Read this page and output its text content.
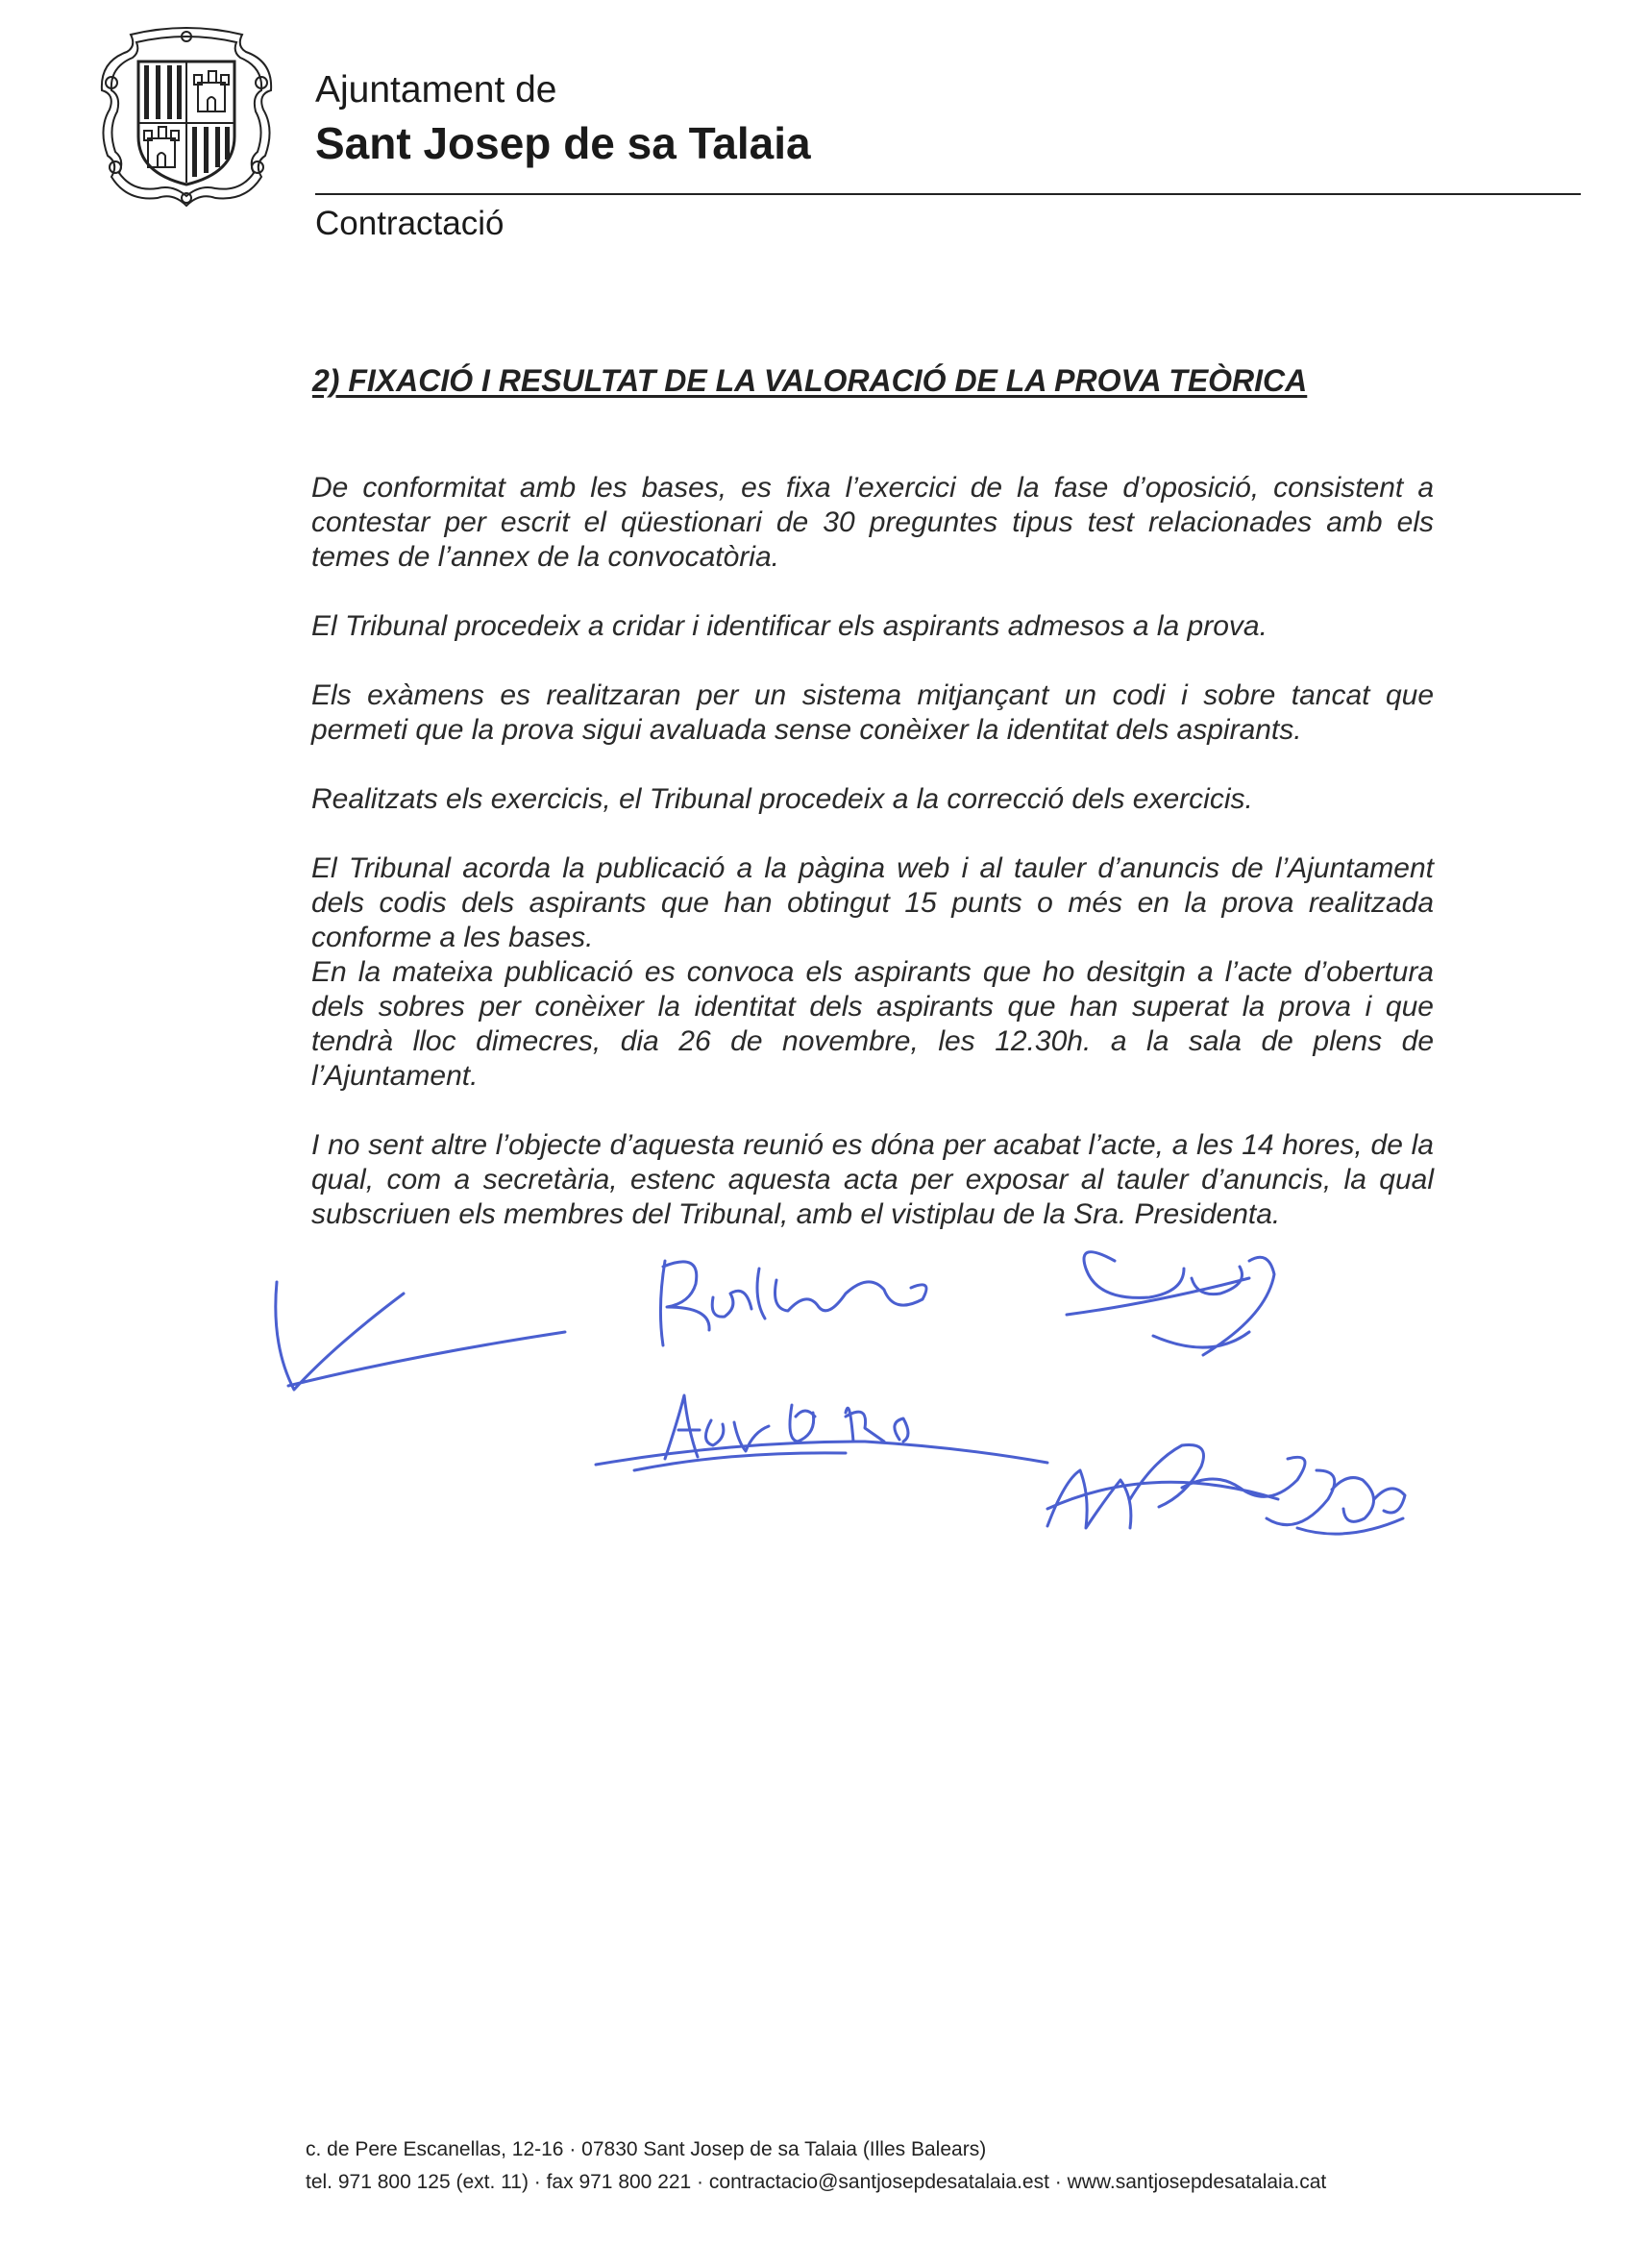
Ajuntament de
Sant Josep de sa Talaia
Contractació
2) FIXACIÓ I RESULTAT DE LA VALORACIÓ DE LA PROVA TEÒRICA

De conformitat amb les bases, es fixa l’exercici de la fase d’oposició, consistent a contestar per escrit el qüestionari de 30 preguntes tipus test relacionades amb els temes de l’annex de la convocatòria.

El Tribunal procedeix a cridar i identificar els aspirants admesos a la prova.

Els exàmens es realitzaran per un sistema mitjançant un codi i sobre tancat que permeti que la prova sigui avaluada sense conèixer la identitat dels aspirants.

Realitzats els exercicis, el Tribunal procedeix a la correcció dels exercicis.

El Tribunal acorda la publicació a la pàgina web i al tauler d’anuncis de l’Ajuntament dels codis dels aspirants que han obtingut 15 punts o més en la prova realitzada conforme a les bases.

En la mateixa publicació es convoca els aspirants que ho desitgin a l’acte d’obertura dels sobres per conèixer la identitat dels aspirants que han superat la prova i que tendrà lloc dimecres, dia 26 de novembre, les 12.30h. a la sala de plens de l’Ajuntament.

I no sent altre l’objecte d’aquesta reunió es dóna per acabat l’acte, a les 14 hores, de la qual, com a secretària, estenc aquesta acta per exposar al tauler d’anuncis, la qual subscriuen els membres del Tribunal, amb el vistiplau de la Sra. Presidenta.

c. de Pere Escanellas, 12-16 · 07830 Sant Josep de sa Talaia (Illes Balears)
tel. 971 800 125 (ext. 11) · fax 971 800 221 · contractacio@santjosepdesatalaia.est · www.santjosepdesatalaia.cat
